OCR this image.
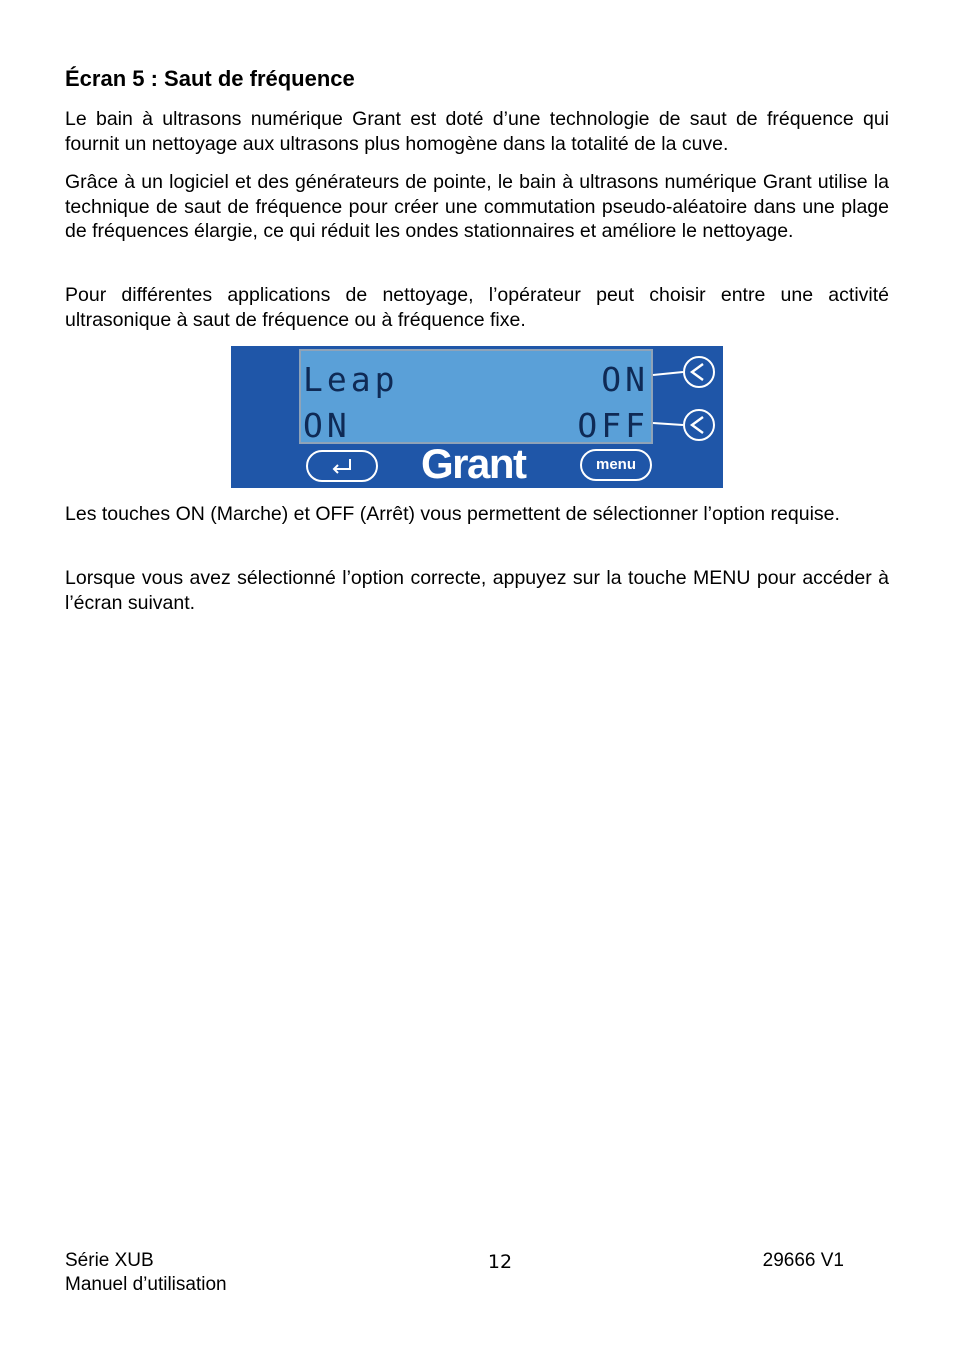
Écran 5 : Saut de fréquence

Le bain à ultrasons numérique Grant est doté d’une technologie de saut de fréquence qui fournit un nettoyage aux ultrasons plus homogène dans la totalité de la cuve.

Grâce à un logiciel et des générateurs de pointe, le bain à ultrasons numérique Grant utilise la technique de saut de fréquence pour créer une commutation pseudo-aléatoire dans une plage de fréquences élargie, ce qui réduit les ondes stationnaires et améliore le nettoyage.

Pour différentes applications de nettoyage, l’opérateur peut choisir entre une activité ultrasonique à saut de fréquence ou à fréquence fixe.

Leap	ON
ON	OFF
Grant	menu

Les touches ON (Marche) et OFF (Arrêt) vous permettent de sélectionner l’option requise.

Lorsque vous avez sélectionné l’option correcte, appuyez sur la touche MENU pour accéder à l’écran suivant.

Série XUB
Manuel d’utilisation
12	29666 V1
